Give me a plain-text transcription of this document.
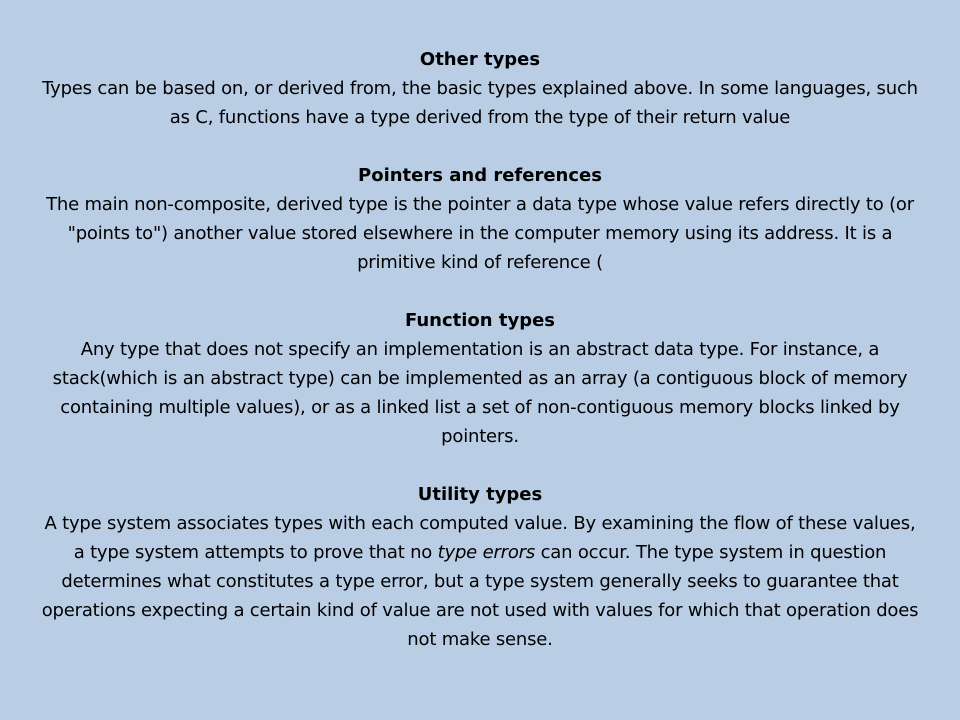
Other types

Types can be based on, or derived from, the basic types explained above. In some languages, such as C, functions have a type derived from the type of their return value

Pointers and references

The main non-composite, derived type is the pointer a data type whose value refers directly to (or "points to") another value stored elsewhere in the computer memory using its address. It is a primitive kind of reference (

Function types

Any type that does not specify an implementation is an abstract data type. For instance, a stack(which is an abstract type) can be implemented as an array (a contiguous block of memory containing multiple values), or as a linked list a set of non-contiguous memory blocks linked by pointers.

Utility types

A type system associates types with each computed value. By examining the flow of these values, a type system attempts to prove that no type errors can occur. The type system in question determines what constitutes a type error, but a type system generally seeks to guarantee that operations expecting a certain kind of value are not used with values for which that operation does not make sense.
